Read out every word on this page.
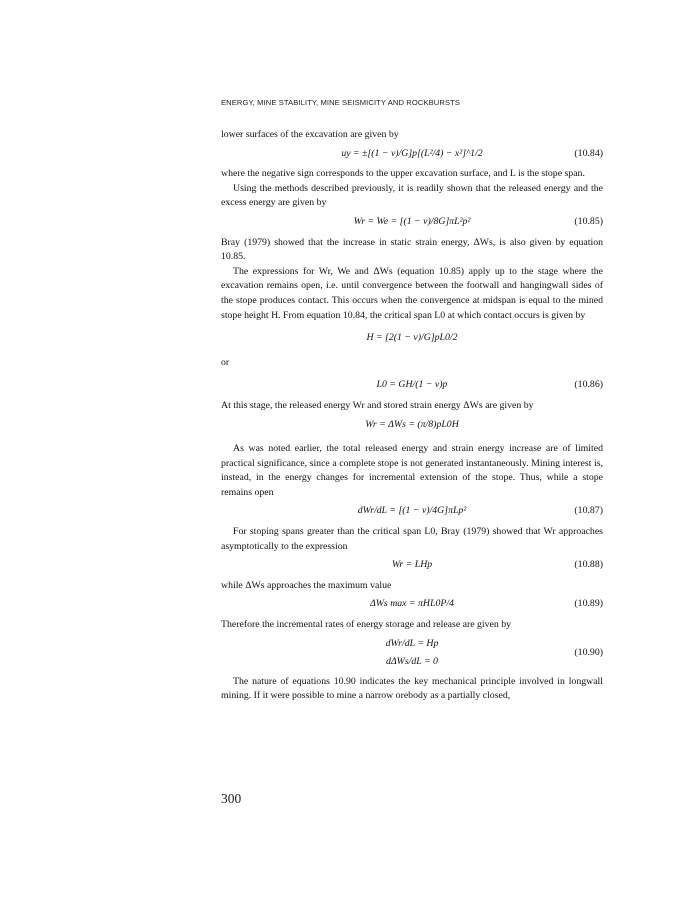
ENERGY, MINE STABILITY, MINE SEISMICITY AND ROCKBURSTS

lower surfaces of the excavation are given by

uy = ±[(1 − ν)/G]p[(L²/4) − x²]^1/2	(10.84)

where the negative sign corresponds to the upper excavation surface, and L is the stope span.

Using the methods described previously, it is readily shown that the released energy and the excess energy are given by

Wr = We = [(1 − ν)/8G]πL²p²	(10.85)

Bray (1979) showed that the increase in static strain energy, ΔWs, is also given by equation 10.85.

The expressions for Wr, We and ΔWs (equation 10.85) apply up to the stage where the excavation remains open, i.e. until convergence between the footwall and hangingwall sides of the stope produces contact. This occurs when the convergence at midspan is equal to the mined stope height H. From equation 10.84, the critical span L0 at which contact occurs is given by

H = [2(1 − ν)/G]pL0/2

or

L0 = GH/(1 − ν)p	(10.86)

At this stage, the released energy Wr and stored strain energy ΔWs are given by

Wr = ΔWs = (π/8)pL0H

As was noted earlier, the total released energy and strain energy increase are of limited practical significance, since a complete stope is not generated instantaneously. Mining interest is, instead, in the energy changes for incremental extension of the stope. Thus, while a stope remains open

dWr/dL = [(1 − ν)/4G]πLp²	(10.87)

For stoping spans greater than the critical span L0, Bray (1979) showed that Wr approaches asymptotically to the expression

Wr = LHp	(10.88)

while ΔWs approaches the maximum value

ΔWs max = πHL0P/4	(10.89)

Therefore the incremental rates of energy storage and release are given by

dWr/dL = Hp
dΔWs/dL = 0
(10.90)

The nature of equations 10.90 indicates the key mechanical principle involved in longwall mining. If it were possible to mine a narrow orebody as a partially closed,

300
